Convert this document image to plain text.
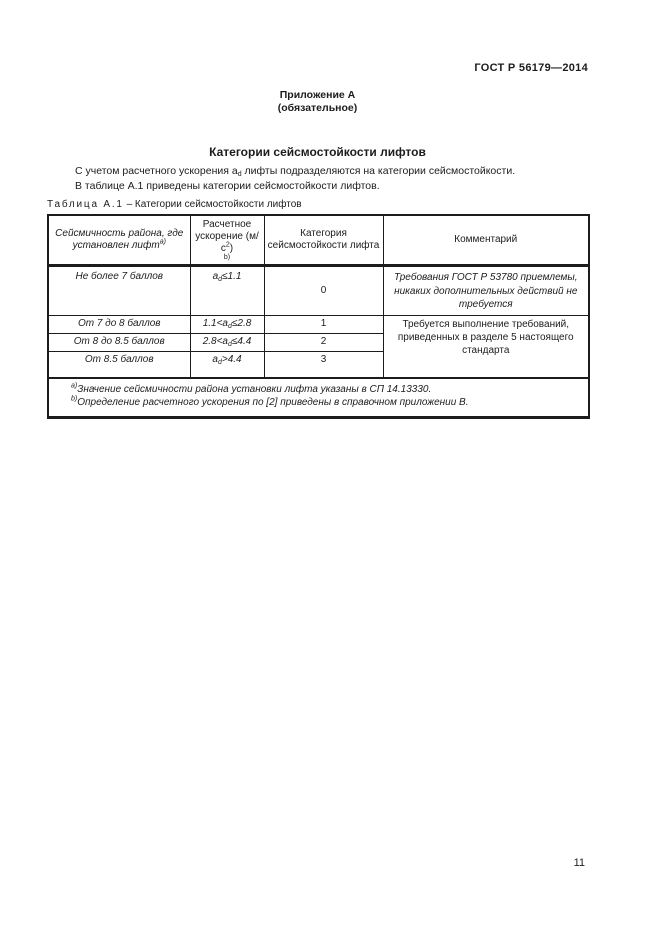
ГОСТ Р 56179—2014
Приложение А
(обязательное)
Категории сейсмостойкости лифтов

С учетом расчетного ускорения $a_d$ лифты подразделяются на категории сейсмостойкости.

В таблице А.1 приведены категории сейсмостойкости лифтов.

Таблица А.1 – Категории сейсмостойкости лифтов
Сейсмичность района, где установлен лифт$^{a)}$	Расчетное
ускорение (м/с$^2$)
b)	Категория сейсмостойкости лифта	Комментарий
Не более 7 баллов	$a_d\le 1.1$	0	Требования ГОСТ Р 53780 приемлемы, никаких дополнительных действий не требуется
От 7 до 8 баллов	$1.1<a_d\le 2.8$	1	Требуется выполнение требований, приведенных в разделе 5 настоящего стандарта
От 8 до 8.5 баллов	$2.8<a_d\le 4.4$	2	
От 8.5 баллов	$a_d>4.4$	3	

$^{a)}$Значение сейсмичности района установки лифта указаны в СП 14.13330.
$^{b)}$Определение расчетного ускорения по [2] приведены в справочном приложении В.			
11
